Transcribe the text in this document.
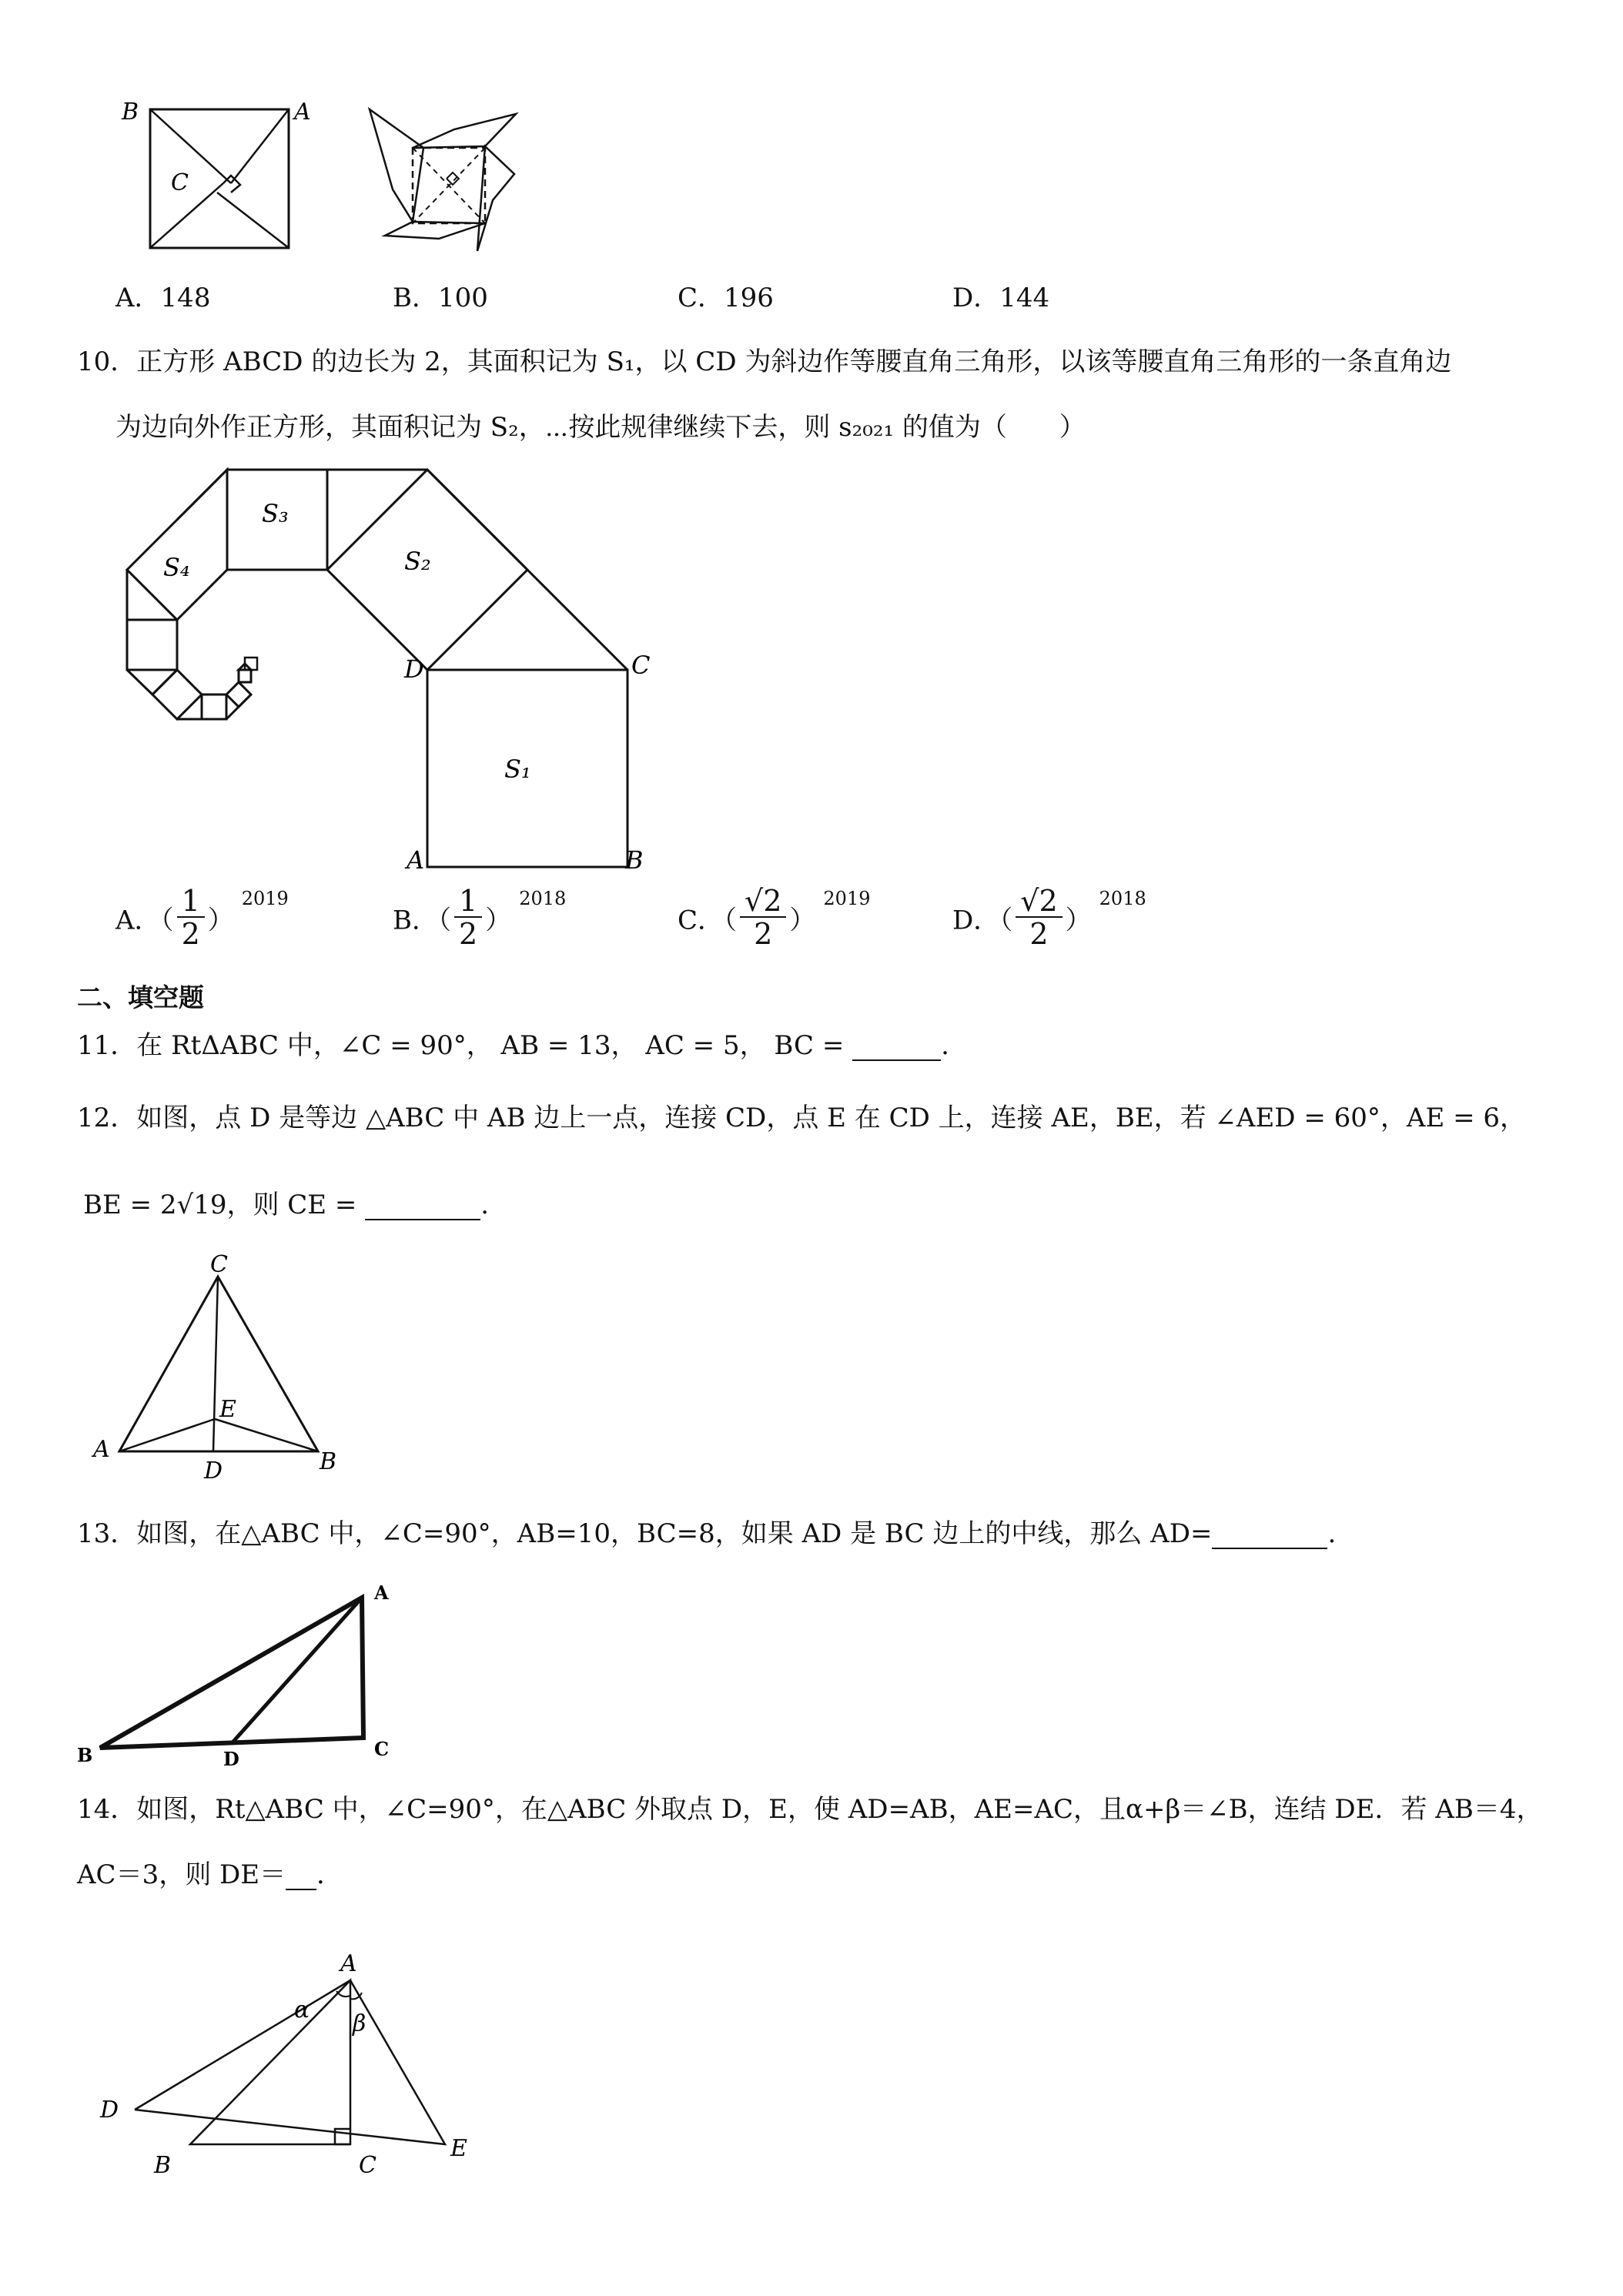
B	A
C
A．148	B．100	C．196	D．144
10．正方形 ABCD 的边长为 2，其面积记为 S₁，以 CD 为斜边作等腰直角三角形，以该等腰直角三角形的一条直角边
为边向外作正方形，其面积记为 S₂，⋯按此规律继续下去，则 s₂₀₂₁ 的值为（　　）
S₁
S₂
S₃
S₄
D	C
A	B
A．（ $\frac{1}{2} )2019$
B．（ $\frac{1}{2} )2018$
C．（ $\frac{√2}{2} )2019$
D．（ $\frac{√2}{2} )2018$
二、填空题
11．在 RtΔABC 中，∠C = 90°， AB = 13， AC = 5， BC =	.
12．如图，点 D 是等边 △ABC 中 AB 边上一点，连接 CD，点 E 在 CD 上，连接 AE，BE，若 ∠AED = 60°，AE = 6，
BE = 2√19，则 CE =	.
C
E
A
D	B
13．如图，在△ABC 中，∠C=90°，AB=10，BC=8，如果 AD 是 BC 边上的中线，那么 AD=	.
A
B	D	C
14．如图，Rt△ABC 中，∠C=90°，在△ABC 外取点 D，E，使 AD=AB，AE=AC，且α+β＝∠B，连结 DE．若 AB＝4，
AC＝3，则 DE＝ ．
A
α
β
D
E
B	C
